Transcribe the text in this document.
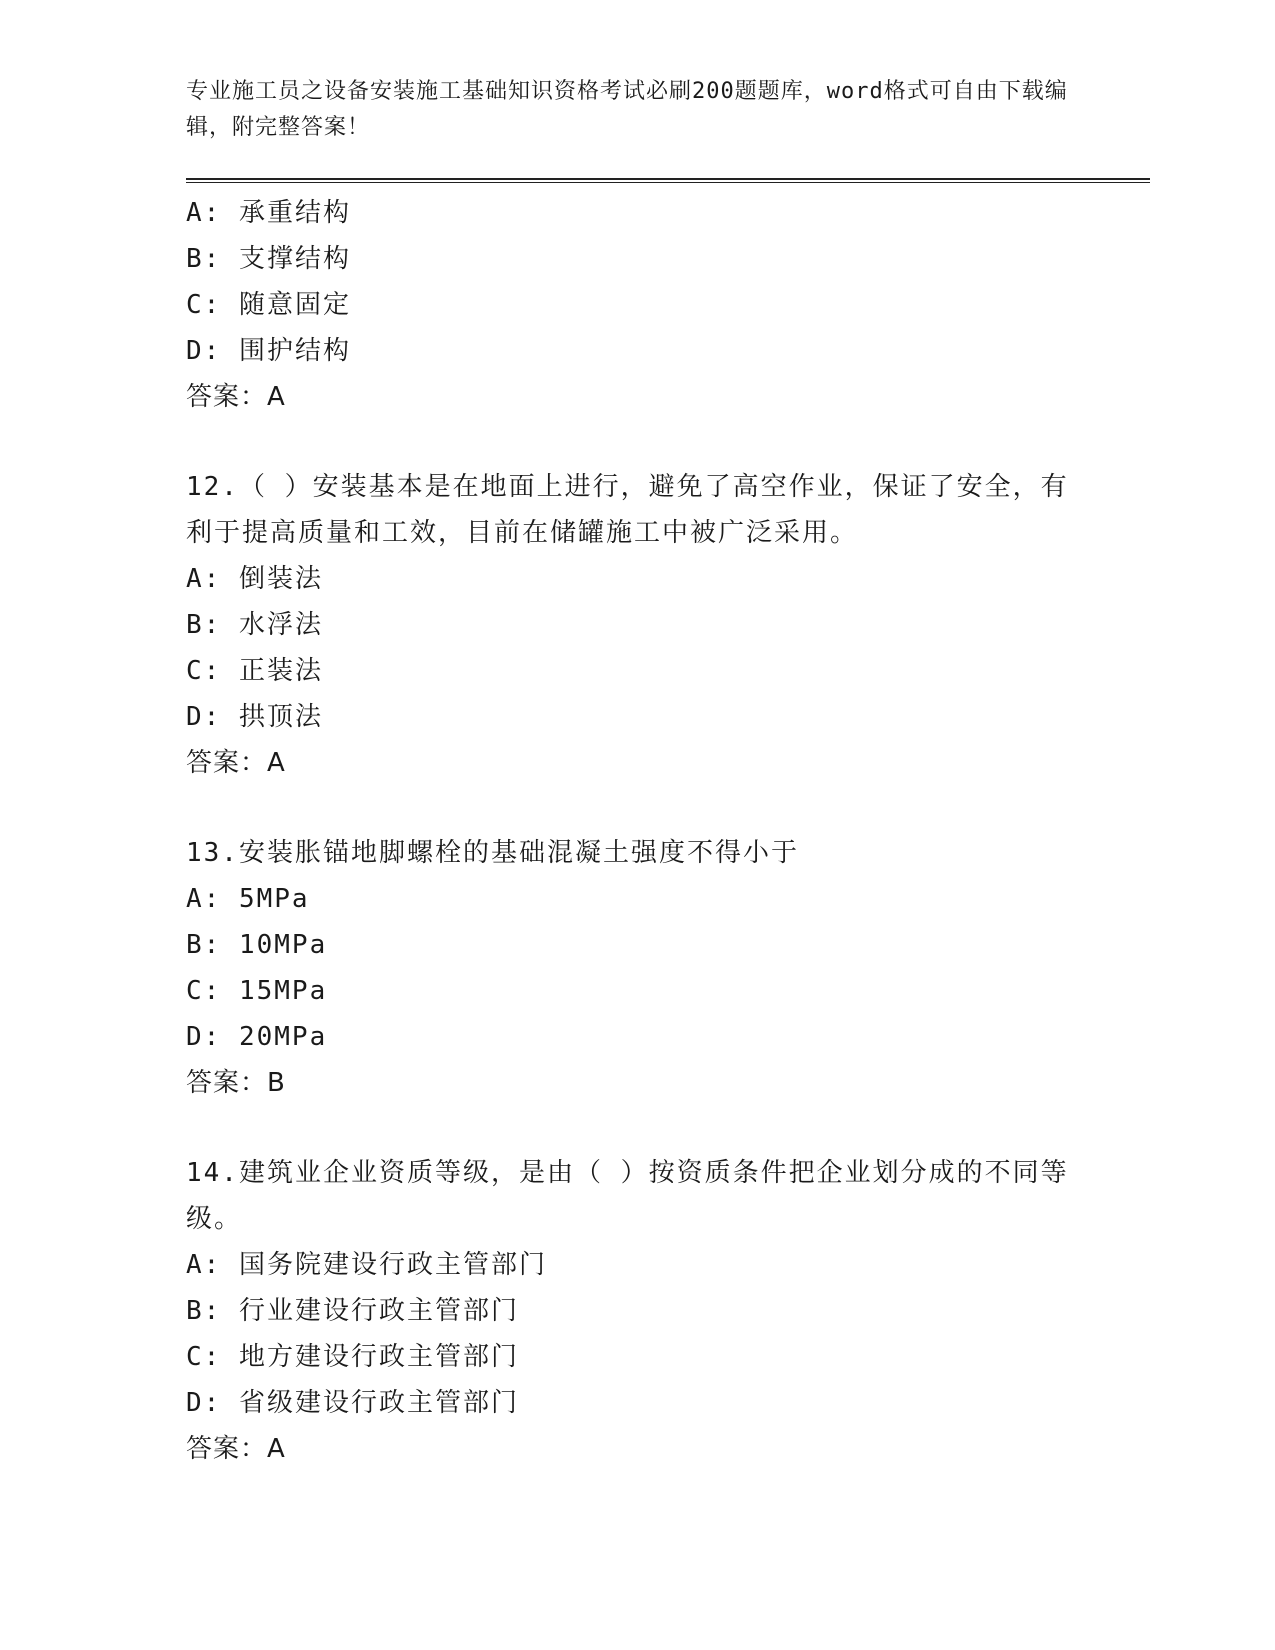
专业施工员之设备安装施工基础知识资格考试必刷200题题库，word格式可自由下载编辑，附完整答案！
A: 承重结构
B: 支撑结构
C: 随意固定
D: 围护结构
答案：A
12.（ ）安装基本是在地面上进行，避免了高空作业，保证了安全，有利于提高质量和工效，目前在储罐施工中被广泛采用。
A: 倒装法
B: 水浮法
C: 正装法
D: 拱顶法
答案：A
13.安装胀锚地脚螺栓的基础混凝土强度不得小于
A: 5MPa
B: 10MPa
C: 15MPa
D: 20MPa
答案：B
14.建筑业企业资质等级，是由（ ）按资质条件把企业划分成的不同等级。
A: 国务院建设行政主管部门
B: 行业建设行政主管部门
C: 地方建设行政主管部门
D: 省级建设行政主管部门
答案：A
